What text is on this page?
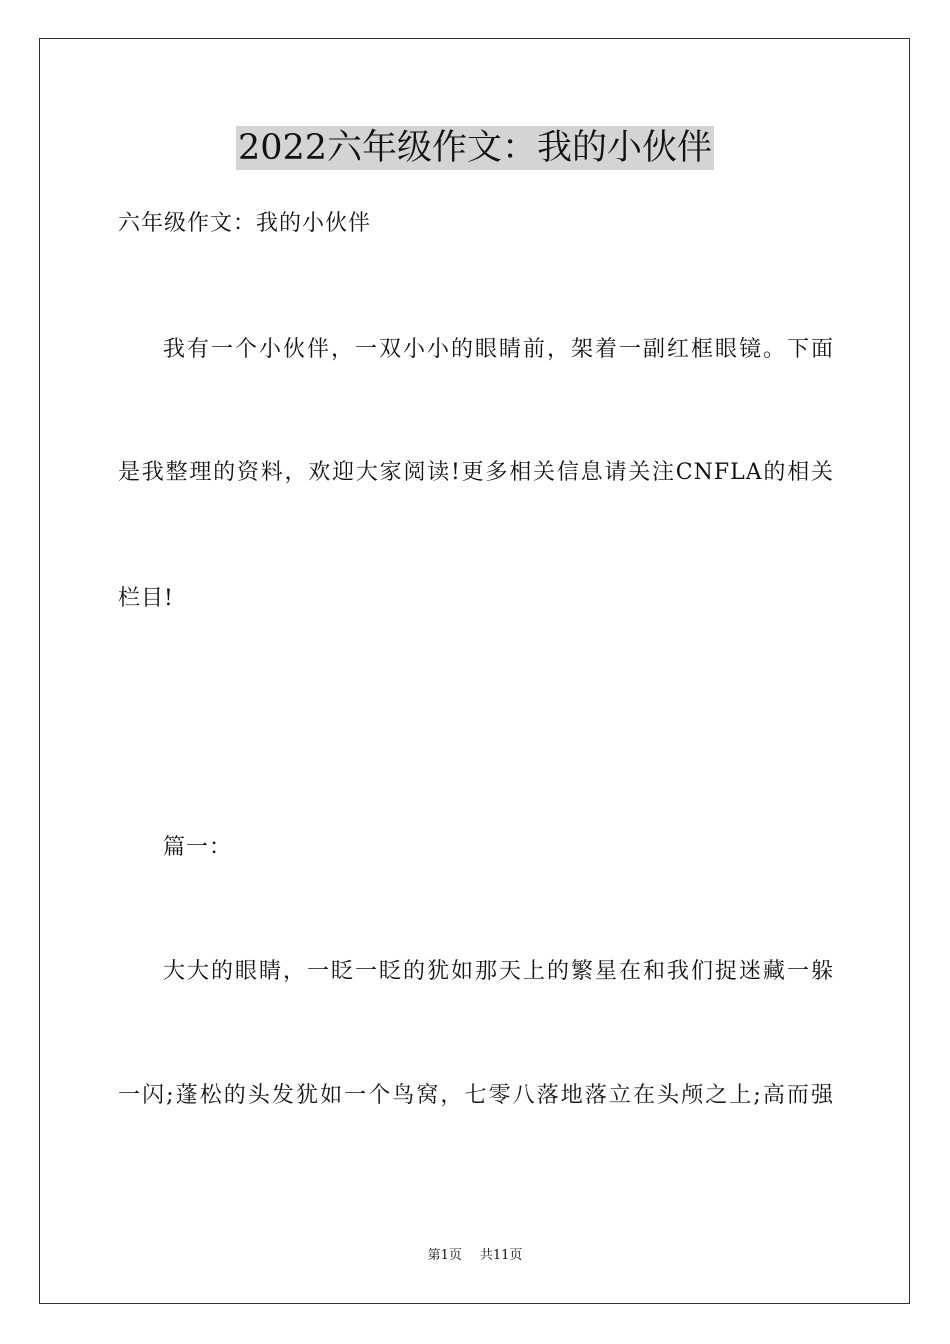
2022六年级作文：我的小伙伴
六年级作文：我的小伙伴
我有一个小伙伴，一双小小的眼睛前，架着一副红框眼镜。下面
是我整理的资料，欢迎大家阅读!更多相关信息请关注CNFLA的相关
栏目!
篇一：
大大的眼睛，一眨一眨的犹如那天上的繁星在和我们捉迷藏一躲
一闪;蓬松的头发犹如一个鸟窝，七零八落地落立在头颅之上;高而强
第1页 共11页
